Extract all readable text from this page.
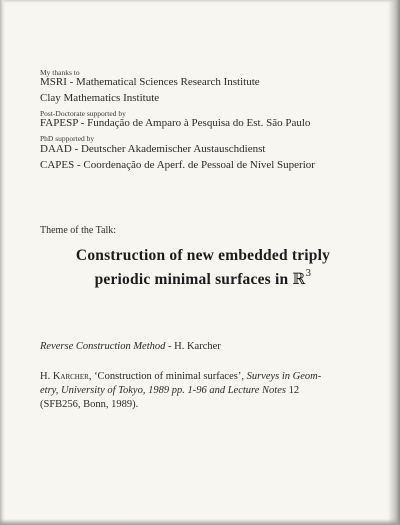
My thanks to
MSRI - Mathematical Sciences Research Institute
Clay Mathematics Institute
Post-Doctorate supported by
FAPESP - Fundação de Amparo à Pesquisa do Est. São Paulo
PhD supported by
DAAD - Deutscher Akademischer Austauschdienst
CAPES - Coordenação de Aperf. de Pessoal de Nível Superior
Theme of the Talk:
Construction of new embedded triply
periodic minimal surfaces in ℝ$^3$
Reverse Construction Method - H. Karcher
H. Karcher, ‘Construction of minimal surfaces’, Surveys in Geom-
etry, University of Tokyo, 1989 pp. 1-96 and Lecture Notes 12
(SFB256, Bonn, 1989).
